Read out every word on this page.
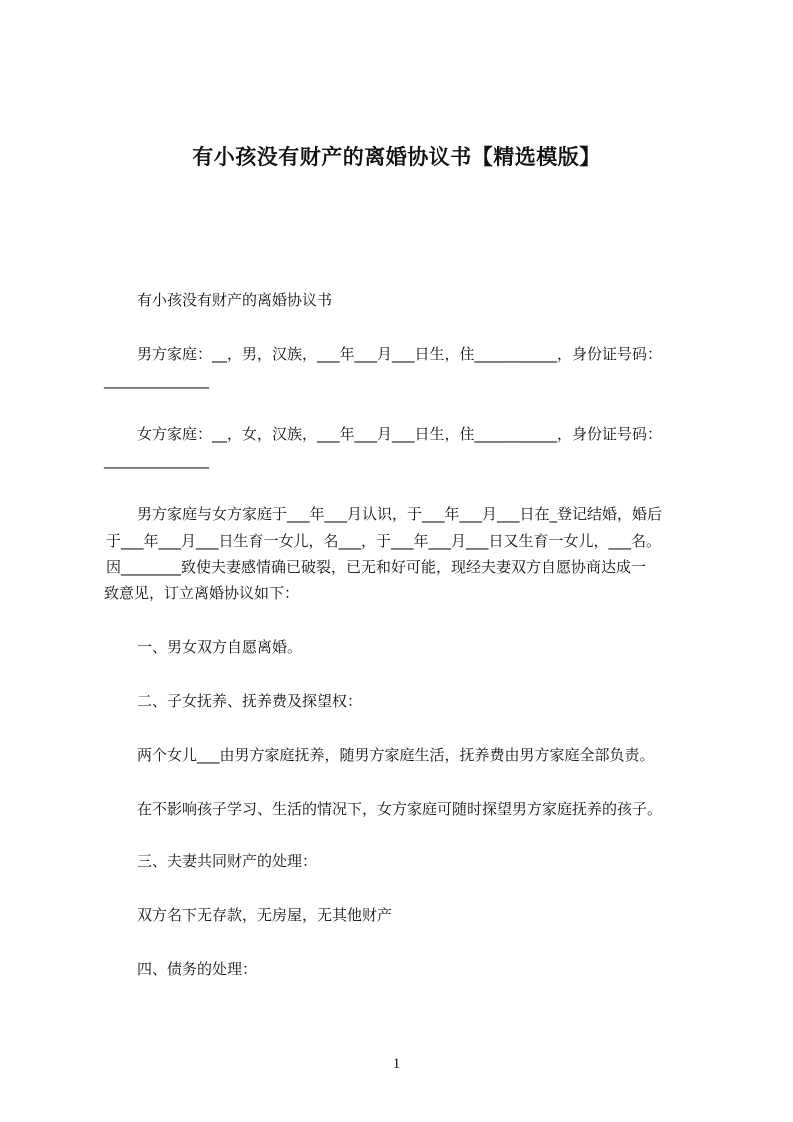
有小孩没有财产的离婚协议书【精选模版】

有小孩没有财产的离婚协议书

男方家庭：__，男，汉族，___年___月___日生，住___________，身份证号码：

______________

女方家庭：__，女，汉族，___年___月___日生，住___________，身份证号码：

______________

男方家庭与女方家庭于___年___月认识，于___年___月___日在_登记结婚，婚后

于___年___月___日生育一女儿，名___，于___年___月___日又生育一女儿，___名。

因________致使夫妻感情确已破裂，已无和好可能，现经夫妻双方自愿协商达成一

致意见，订立离婚协议如下：

一、男女双方自愿离婚。

二、子女抚养、抚养费及探望权：

两个女儿___由男方家庭抚养，随男方家庭生活，抚养费由男方家庭全部负责。

在不影响孩子学习、生活的情况下，女方家庭可随时探望男方家庭抚养的孩子。

三、夫妻共同财产的处理：

双方名下无存款，无房屋，无其他财产

四、债务的处理：

1
